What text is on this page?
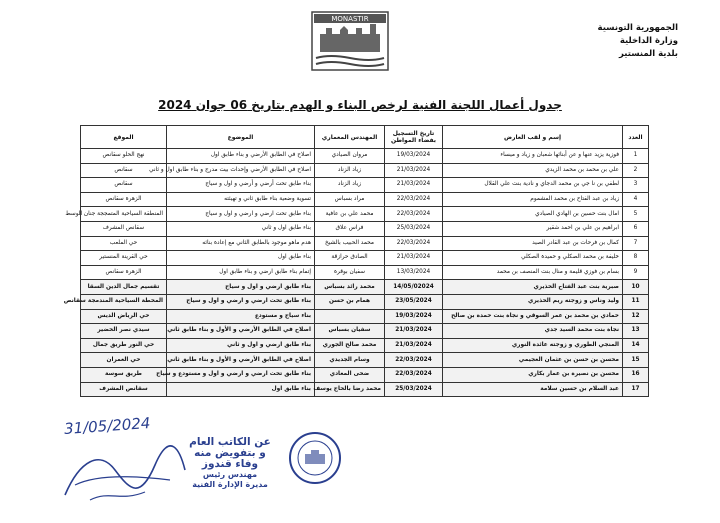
MONASTIR
الجمهورية التونسية
وزارة الداخلية
بلدية المنستير
جدول أعمال اللجنة الفنية لرخص البناء و الهدم بتاريخ 06 جوان 2024
العدد	إسم و لقب العارض	تاريخ التسجيل بفضاء المواطن	المهندس المعماري	الموضوع	الموقع
1	فوزية يزيد عنها و عن أبنائها شعبان و زياد و ميساء	19/03/2024	مروان الصيادي	اصلاح في الطابق الأرضي و بناء طابق اول	نهج الحلو سقانص
2	علي بن محمد بن محمد الزيدي	21/03/2024	زياد الزناد	اصلاح في الطابق الأرضي وإحداث بيت مدرج و بناء طابق اول و ثاني	سقانص
3	لطفي بن نا جي بن محمد الدجاي و نادية بنت علي القلال	21/03/2024	زياد الزناد	بناء طابق تحت أرضي و أرضي و اول و سياج	سقانص
4	زياد بن عبد الفتاح بن محمد المشموم	22/03/2024	مراد بسباس	تسوية وضعية بناء طابق ثاني و تهيئته	الزهرة سقانص
5	امال بنت حسين بن الهادي الصيادي	22/03/2024	محمد علي بن عافية	بناء طابق تحت ارضي و ارضي و اول و سياج	المنطقة السياحية المتمججة جنان الوسط
6	ابراهيم بن علي بن احمد شقير	25/03/2024	فراس علاق	بناء طابق اول و ثاني	سقانص المشرف
7	كمال بن فرحات بن عبد القادر الصيد	22/03/2024	محمد الحبيب بالشيخ	هدم ماهو موجود بالطابق الثاني مع إعادة بنائه	حي الملعب
8	خليفة بن محمد الصكلي و حميدة الصكلي	21/03/2024	الصادق حرازقة	بناء طابق اول	حي القرينة المنستير
9	بسام بن فوزي قليمة و منال بنت المنصف بن محمد	13/03/2024	سفيان بوقرة	إتمام بناء طابق ارضي و بناء طابق اول	الزهرة سقانص
10	صبرية بنت عبد الفتاح الحذيري	14/05/02024	محمد رائد بسباس	بناء طابق ارضي و اول و سياج	تقسيم جمال الدين السقا
11	وليد وناس و زوجته ريم الحذيري	23/05/2024	همام بن حسن	بناء طابق تحت ارضي و ارضي و اول و سياج	المحطة السياحية المندمجة سقانص
12	حمادي بن محمد بن عمر السوقي و نجاة بنت حمدة بن صالح	19/03/2024		بناء سياج و مستودع	حي الرياض الديس
13	نجاة بنت محمد السيد جدي	21/03/2024	سفيان بسباس	اصلاح في الطابق الأرضي و الأول و بناء طابق ثاني	سيدي نصر الحضير
14	المنجي الطوري و زوجته عائدة النوري	21/03/2024	محمد صالح الجوري	بناء طابق ارضي و اول و ثاني	حي النور طريق جمال
15	محسن بن حسن بن عثمان العجيمي	22/03/2024	وسام الجديدي	اصلاح في الطابق الأرضي و الأول و بناء طابق ثاني	حي العمران
16	محسن بن نصيرة بن عمار بكاري	22/03/2024	ضحى المعادي	بناء طابق تحت ارضي و ارضي و اول و مستودع و سياج	طريق سوسة
17	عبد السلام بن حسين سلامة	25/03/2024	محمد رضا بالحاج يوسف	بناء طابق اول	سقانص المشرف
31/05/2024
عن الكاتب العام
و بتفويض منه
وفاء قندوز
مهندس رئيس
مديرة الإدارة الفنية
